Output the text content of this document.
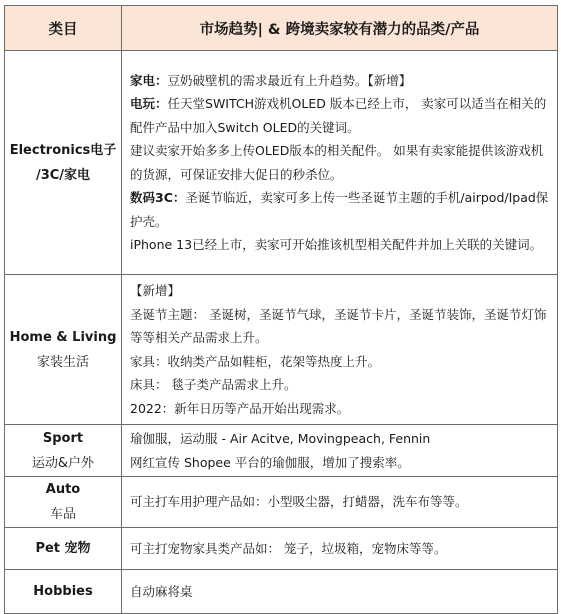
类目	市场趋势| & 跨境卖家较有潜力的品类/产品
Electronics电子
/3C/家电	家电：豆奶破壁机的需求最近有上升趋势。【新增】
电玩：任天堂SWITCH游戏机OLED 版本已经上市， 卖家可以适当在相关的配件产品中加入Switch OLED的关键词。
建议卖家开始多多上传OLED版本的相关配件。 如果有卖家能提供该游戏机的货源，可保证安排大促日的秒杀位。
数码3C：圣诞节临近，卖家可多上传一些圣诞节主题的手机/airpod/Ipad保护壳。
iPhone 13已经上市，卖家可开始推该机型相关配件并加上关联的关键词。

Home & Living
家装生活	【新增】
圣诞节主题： 圣诞树，圣诞节气球，圣诞节卡片，圣诞节装饰，圣诞节灯饰等等相关产品需求上升。
家具：收纳类产品如鞋柜，花架等热度上升。
床具： 毯子类产品需求上升。
2022：新年日历等产品开始出现需求。

Sport
运动&户外	瑜伽服，运动服 - Air Acitve, Movingpeach, Fennin
网红宣传 Shopee 平台的瑜伽服，增加了搜索率。

Auto
车品	可主打车用护理产品如：小型吸尘器，打蜡器，洗车布等等。

Pet 宠物	可主打宠物家具类产品如： 笼子，垃圾箱，宠物床等等。

Hobbies	自动麻将桌
